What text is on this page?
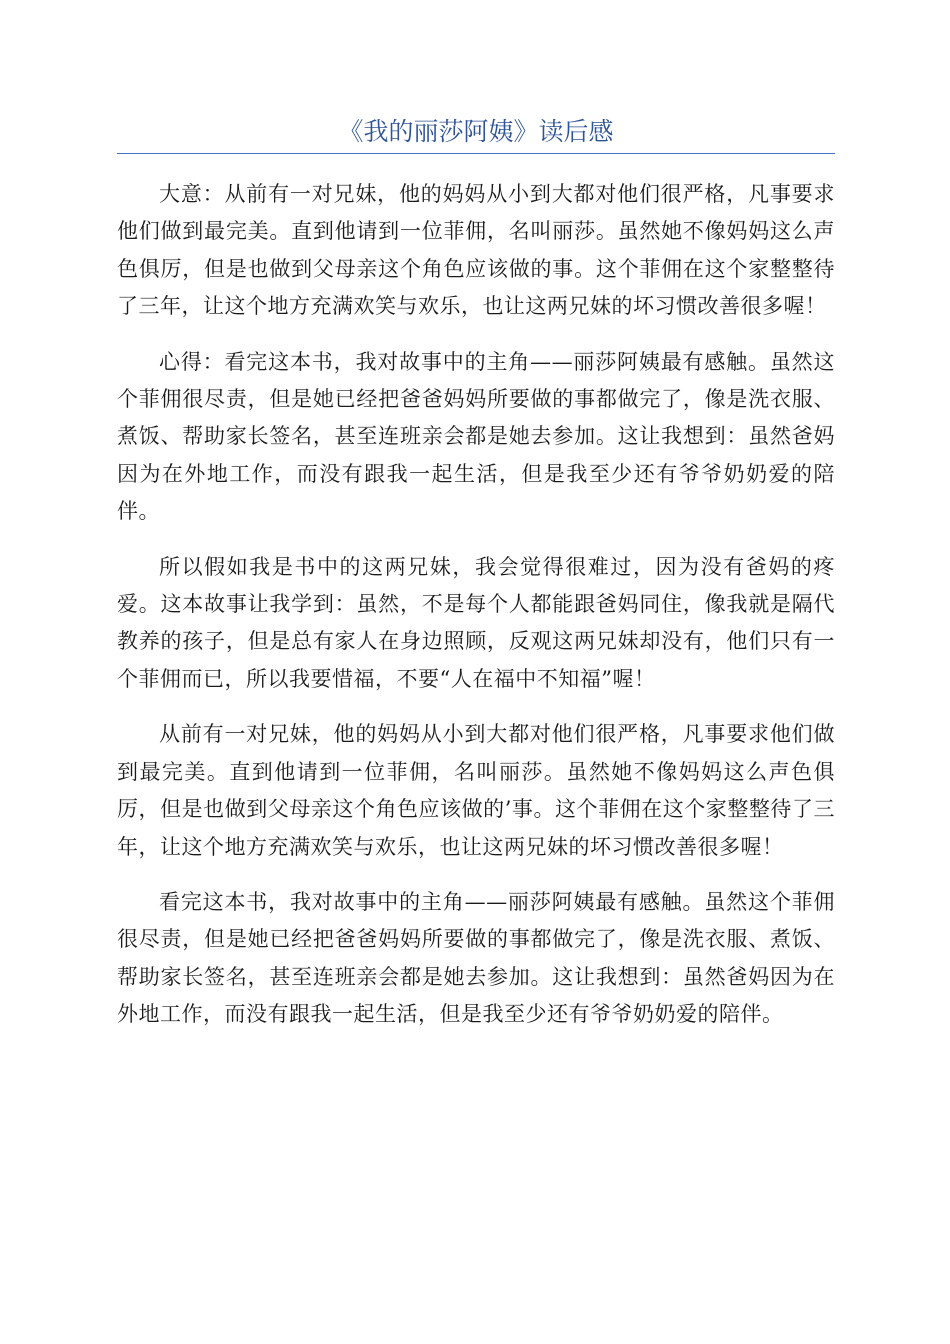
《我的丽莎阿姨》读后感

大意：从前有一对兄妹，他的妈妈从小到大都对他们很严格，凡事要求他们做到最完美。直到他请到一位菲佣，名叫丽莎。虽然她不像妈妈这么声色俱厉，但是也做到父母亲这个角色应该做的事。这个菲佣在这个家整整待了三年，让这个地方充满欢笑与欢乐，也让这两兄妹的坏习惯改善很多喔！

心得：看完这本书，我对故事中的主角——丽莎阿姨最有感触。虽然这个菲佣很尽责，但是她已经把爸爸妈妈所要做的事都做完了，像是洗衣服、煮饭、帮助家长签名，甚至连班亲会都是她去参加。这让我想到：虽然爸妈因为在外地工作，而没有跟我一起生活，但是我至少还有爷爷奶奶爱的陪伴。

所以假如我是书中的这两兄妹，我会觉得很难过，因为没有爸妈的疼爱。这本故事让我学到：虽然，不是每个人都能跟爸妈同住，像我就是隔代教养的孩子，但是总有家人在身边照顾，反观这两兄妹却没有，他们只有一个菲佣而已，所以我要惜福，不要“人在福中不知福”喔！

从前有一对兄妹，他的妈妈从小到大都对他们很严格，凡事要求他们做到最完美。直到他请到一位菲佣，名叫丽莎。虽然她不像妈妈这么声色俱厉，但是也做到父母亲这个角色应该做的’事。这个菲佣在这个家整整待了三年，让这个地方充满欢笑与欢乐，也让这两兄妹的坏习惯改善很多喔！

看完这本书，我对故事中的主角——丽莎阿姨最有感触。虽然这个菲佣很尽责，但是她已经把爸爸妈妈所要做的事都做完了，像是洗衣服、煮饭、帮助家长签名，甚至连班亲会都是她去参加。这让我想到：虽然爸妈因为在外地工作，而没有跟我一起生活，但是我至少还有爷爷奶奶爱的陪伴。
